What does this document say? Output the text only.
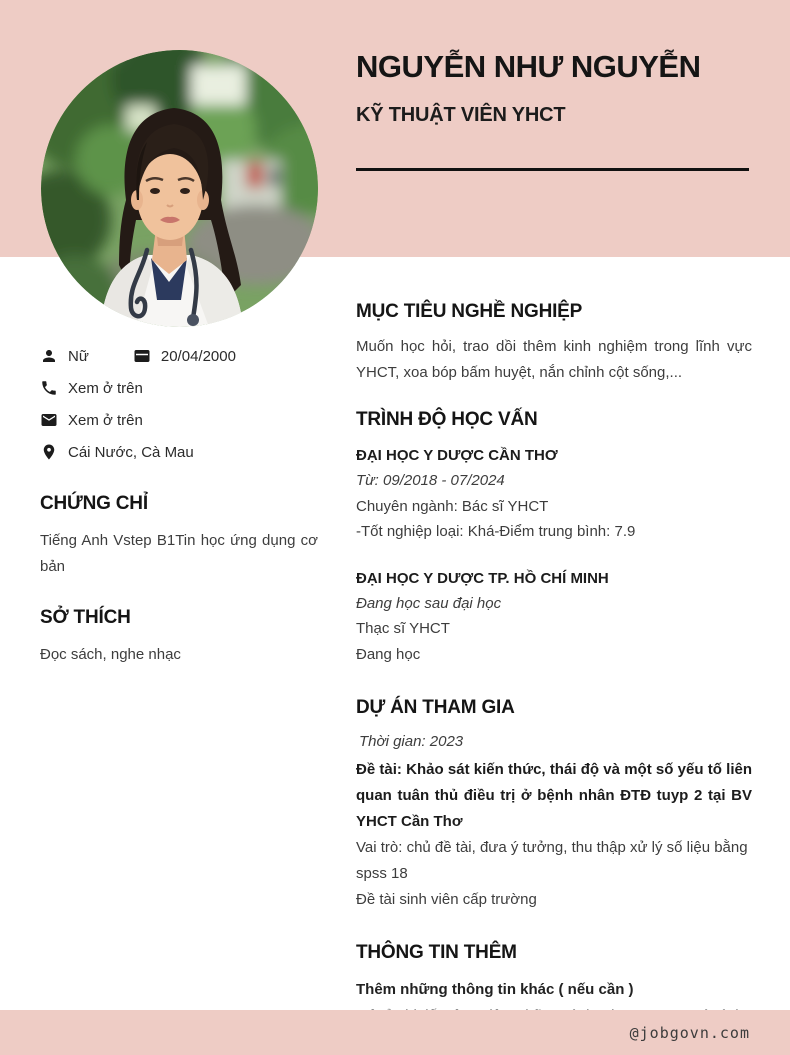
NGUYỄN NHƯ NGUYỄN
KỸ THUẬT VIÊN YHCT
Nữ	20/04/2000
Xem ở trên
Xem ở trên
Cái Nước, Cà Mau
CHỨNG CHỈ
Tiếng Anh Vstep B1Tin học ứng dụng cơ bản
SỞ THÍCH
Đọc sách, nghe nhạc
MỤC TIÊU NGHỀ NGHIỆP

Muốn học hỏi, trao dồi thêm kinh nghiệm trong lĩnh vực YHCT, xoa bóp bấm huyệt, nắn chỉnh cột sống,...

TRÌNH ĐỘ HỌC VẤN
ĐẠI HỌC Y DƯỢC CẦN THƠ
Từ: 09/2018 - 07/2024
Chuyên ngành: Bác sĩ YHCT
-Tốt nghiệp loại: Khá-Điểm trung bình: 7.9
ĐẠI HỌC Y DƯỢC TP. HỒ CHÍ MINH
Đang học sau đại học
Thạc sĩ YHCT
Đang học
DỰ ÁN THAM GIA
Thời gian: 2023

Đề tài: Khảo sát kiến thức, thái độ và một số yếu tố liên quan tuân thủ điều trị ở bệnh nhân ĐTĐ tuyp 2 tại BV YHCT Cần Thơ

Vai trò: chủ đề tài, đưa ý tưởng, thu thập xử lý số liệu bằng spss 18

Đề tài sinh viên cấp trường
THÔNG TIN THÊM
Thêm những thông tin khác ( nếu cần )

@jobgovn.com
